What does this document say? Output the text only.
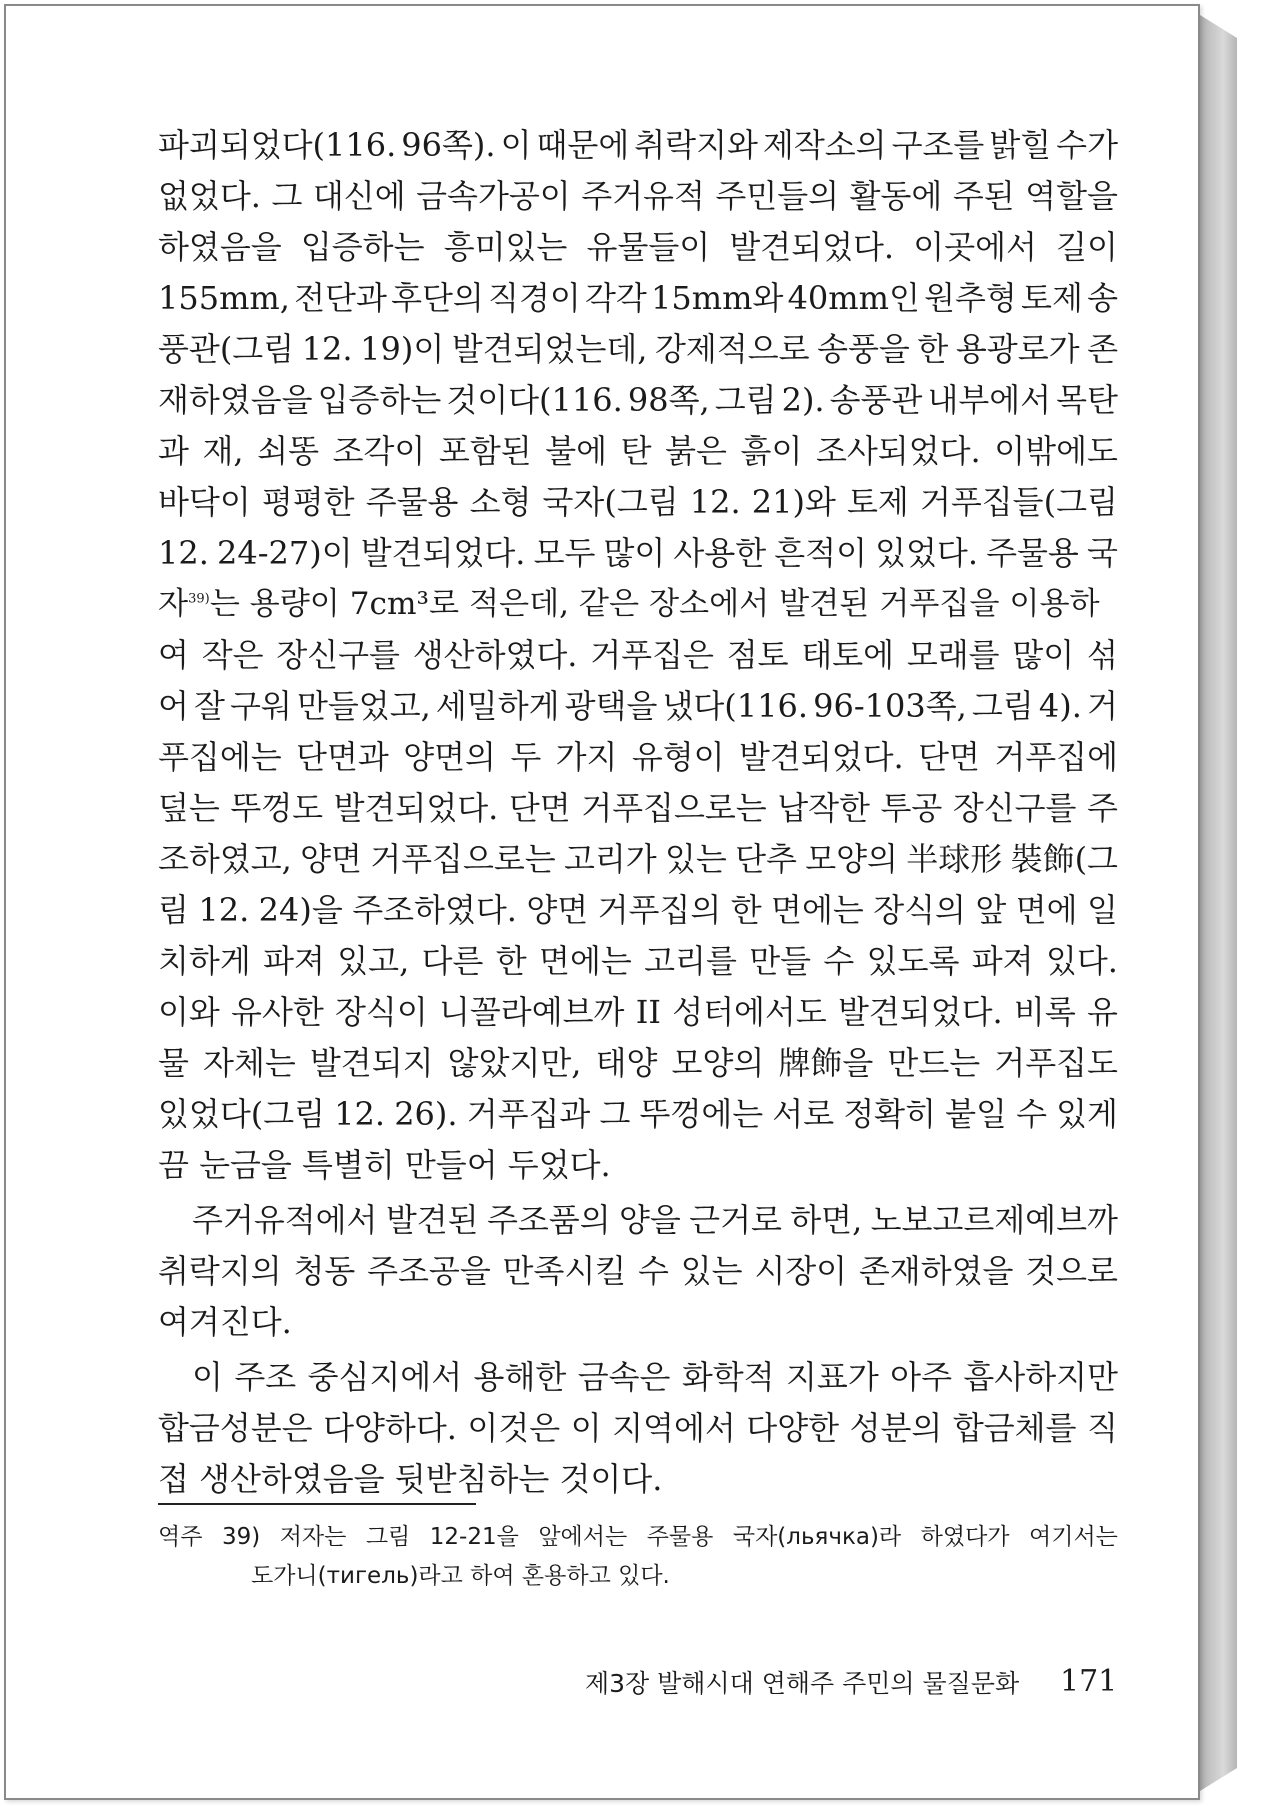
파괴되었다(116. 96쪽). 이 때문에 취락지와 제작소의 구조를 밝힐 수가
없었다. 그 대신에 금속가공이 주거유적 주민들의 활동에 주된 역할을
하였음을 입증하는 흥미있는 유물들이 발견되었다. 이곳에서 길이
155mm, 전단과 후단의 직경이 각각 15mm와 40mm인 원추형 토제 송
풍관(그림 12. 19)이 발견되었는데, 강제적으로 송풍을 한 용광로가 존
재하였음을 입증하는 것이다(116. 98쪽, 그림 2). 송풍관 내부에서 목탄
과 재, 쇠똥 조각이 포함된 불에 탄 붉은 흙이 조사되었다. 이밖에도
바닥이 평평한 주물용 소형 국자(그림 12. 21)와 토제 거푸집들(그림
12. 24-27)이 발견되었다. 모두 많이 사용한 흔적이 있었다. 주물용 국
자$^{39)}$는 용량이 7cm³로 적은데, 같은 장소에서 발견된 거푸집을 이용하
여 작은 장신구를 생산하였다. 거푸집은 점토 태토에 모래를 많이 섞
어 잘 구워 만들었고, 세밀하게 광택을 냈다(116. 96-103쪽, 그림 4). 거
푸집에는 단면과 양면의 두 가지 유형이 발견되었다. 단면 거푸집에
덮는 뚜껑도 발견되었다. 단면 거푸집으로는 납작한 투공 장신구를 주
조하였고, 양면 거푸집으로는 고리가 있는 단추 모양의 半球形 裝飾(그
림 12. 24)을 주조하였다. 양면 거푸집의 한 면에는 장식의 앞 면에 일
치하게 파져 있고, 다른 한 면에는 고리를 만들 수 있도록 파져 있다.
이와 유사한 장식이 니꼴라예브까 II 성터에서도 발견되었다. 비록 유
물 자체는 발견되지 않았지만, 태양 모양의 牌飾을 만드는 거푸집도
있었다(그림 12. 26). 거푸집과 그 뚜껑에는 서로 정확히 붙일 수 있게
끔 눈금을 특별히 만들어 두었다.
주거유적에서 발견된 주조품의 양을 근거로 하면, 노보고르제예브까
취락지의 청동 주조공을 만족시킬 수 있는 시장이 존재하였을 것으로
여겨진다.
이 주조 중심지에서 용해한 금속은 화학적 지표가 아주 흡사하지만
합금성분은 다양하다. 이것은 이 지역에서 다양한 성분의 합금체를 직
접 생산하였음을 뒷받침하는 것이다.
역주 39) 저자는 그림 12-21을 앞에서는 주물용 국자(льячка)라 하였다가 여기서는
도가니(тигель)라고 하여 혼용하고 있다.
제3장 발해시대 연해주 주민의 물질문화 171
